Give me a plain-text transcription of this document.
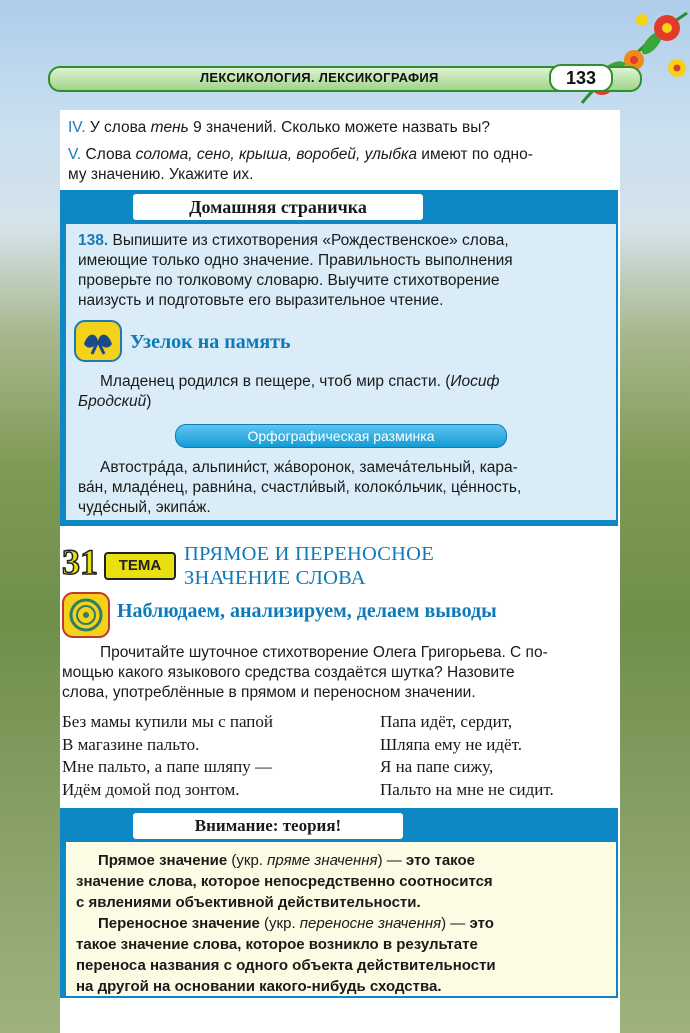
ЛЕКСИКОЛОГИЯ. ЛЕКСИКОГРАФИЯ	133

IV. У слова тень 9 значений. Сколько можете назвать вы?

V. Слова солома, сено, крыша, воробей, улыбка имеют по одно-

му значению. Укажите их.

Домашняя страничка

138. Выпишите из стихотворения «Рождественское» слова,

имеющие только одно значение. Правильность выполнения

проверьте по толковому словарю. Выучите стихотворение

наизусть и подготовьте его выразительное чтение.

Узелок на память

Младенец родился в пещере, чтоб мир спасти. (Иосиф

Бродский)

Орфографическая разминка

Автостра́да, альпини́ст, жа́воронок, замеча́тельный, кара-

ва́н, младе́нец, равни́на, счастли́вый, колоко́льчик, це́нность,

чуде́сный, экипа́ж.

31	ТЕМА
ПРЯМОЕ И ПЕРЕНОСНОЕ
ЗНАЧЕНИЕ СЛОВА
Наблюдаем, анализируем, делаем выводы

Прочитайте шуточное стихотворение Олега Григорьева. С по-

мощью какого языкового средства создаётся шутка? Назовите

слова, употреблённые в прямом и переносном значении.

Без мамы купили мы с папой
В магазине пальто.
Мне пальто, а папе шляпу —
Идём домой под зонтом.
Папа идёт, сердит,
Шляпа ему не идёт.
Я на папе сижу,
Пальто на мне не сидит.
Внимание: теория!

Прямое значение (укр. пряме значення) — это такое

значение слова, которое непосредственно соотносится

с явлениями объективной действительности.

Переносное значение (укр. переносне значення) — это

такое значение слова, которое возникло в результате

переноса названия с одного объекта действительности

на другой на основании какого-нибудь сходства.
